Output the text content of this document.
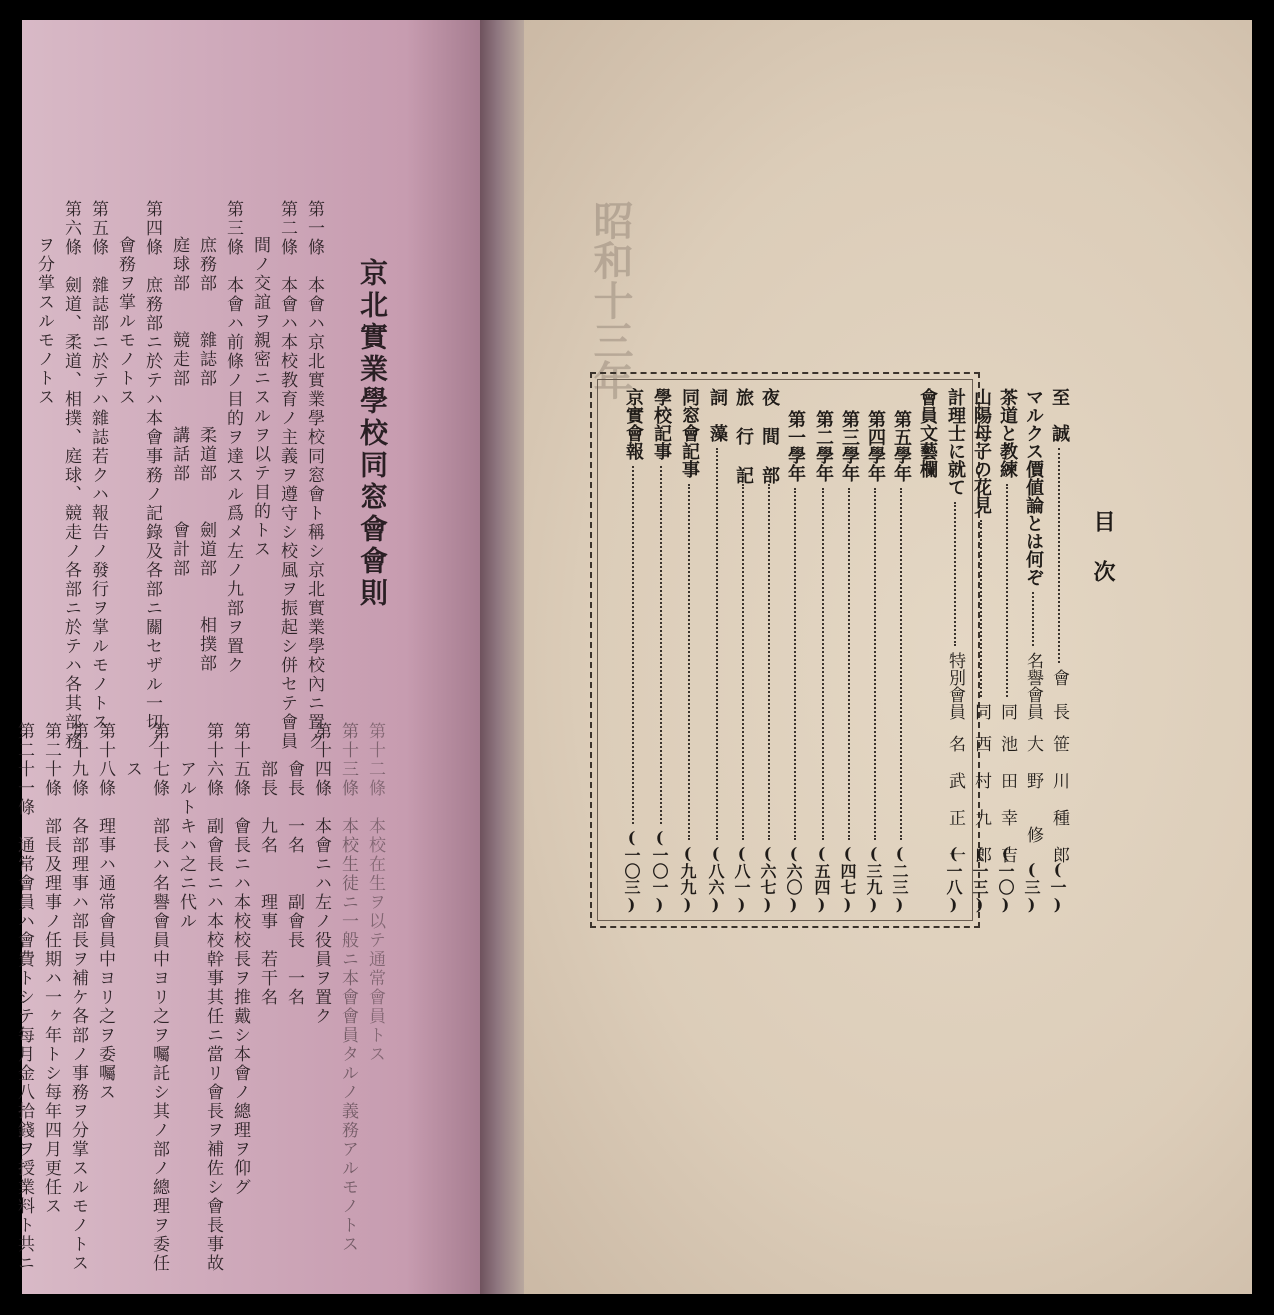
京北實業學校同窓會會則
第一條　本會ハ京北實業學校同窓會ト稱シ京北實業學校內ニ置ク
第二條　本會ハ本校教育ノ主義ヲ遵守シ校風ヲ振起シ併セテ會員
間ノ交誼ヲ親密ニスルヲ以テ目的トス
第三條　本會ハ前條ノ目的ヲ達スル爲メ左ノ九部ヲ置ク
庶務部　　雜誌部　　柔道部　　劍道部　　相撲部
庭球部　　競走部　　講話部　　會計部
第四條　庶務部ニ於テハ本會事務ノ記錄及各部ニ關セザル一切ノ
會務ヲ掌ルモノトス
第五條　雜誌部ニ於テハ雜誌若クハ報告ノ發行ヲ掌ルモノトス
第六條　劍道、柔道、相撲、庭球、競走ノ各部ニ於テハ各其部務
ヲ分掌スルモノトス
第十二條　本校在生ヲ以テ通常會員トス
第十三條　本校生徒ニ一般ニ本會會員タルノ義務アルモノトス
第十四條　本會ニハ左ノ役員ヲ置ク
會長　一名　　副會長　一名
部長　九名　　理事　若干名
第十五條　會長ニハ本校校長ヲ推戴シ本會ノ總理ヲ仰グ
第十六條　副會長ニハ本校幹事其任ニ當リ會長ヲ補佐シ會長事故
アルトキハ之ニ代ル
第十七條　部長ハ名譽會員中ヨリ之ヲ囑託シ其ノ部ノ總理ヲ委任
ス
第十八條　理事ハ通常會員中ヨリ之ヲ委囑ス
第十九條　各部理事ハ部長ヲ補ケ各部ノ事務ヲ分掌スルモノトス
第二十條　部長及理事ノ任期ハ一ヶ年トシ每年四月更任ス
第二十一條　通常會員ハ會費トシテ每月金八拾錢ヲ授業料ト共ニ
昭和十三年
目　次
至　誠
會　長
笹 川 種 郎
(一)
マルクス價値論とは何ぞ
名譽會員
大 野 　修
(三)
茶道と教練
同
池 田 幸 吉
(一〇)
山陽母子の花見
同
西 村 九 郎
(一三)
計理士に就て
特別會員
名 武 正 一
(一八)
會員文藝欄
第五學年
(二三)
第四學年
(三九)
第三學年
(四七)
第二學年
(五四)
第一學年
(六〇)
夜 間 部
(六七)
旅 行 記
(八一)
詞　藻
(八六)
同窓會記事
(九九)
學校記事
(一〇一)
京實會報
(一〇三)
